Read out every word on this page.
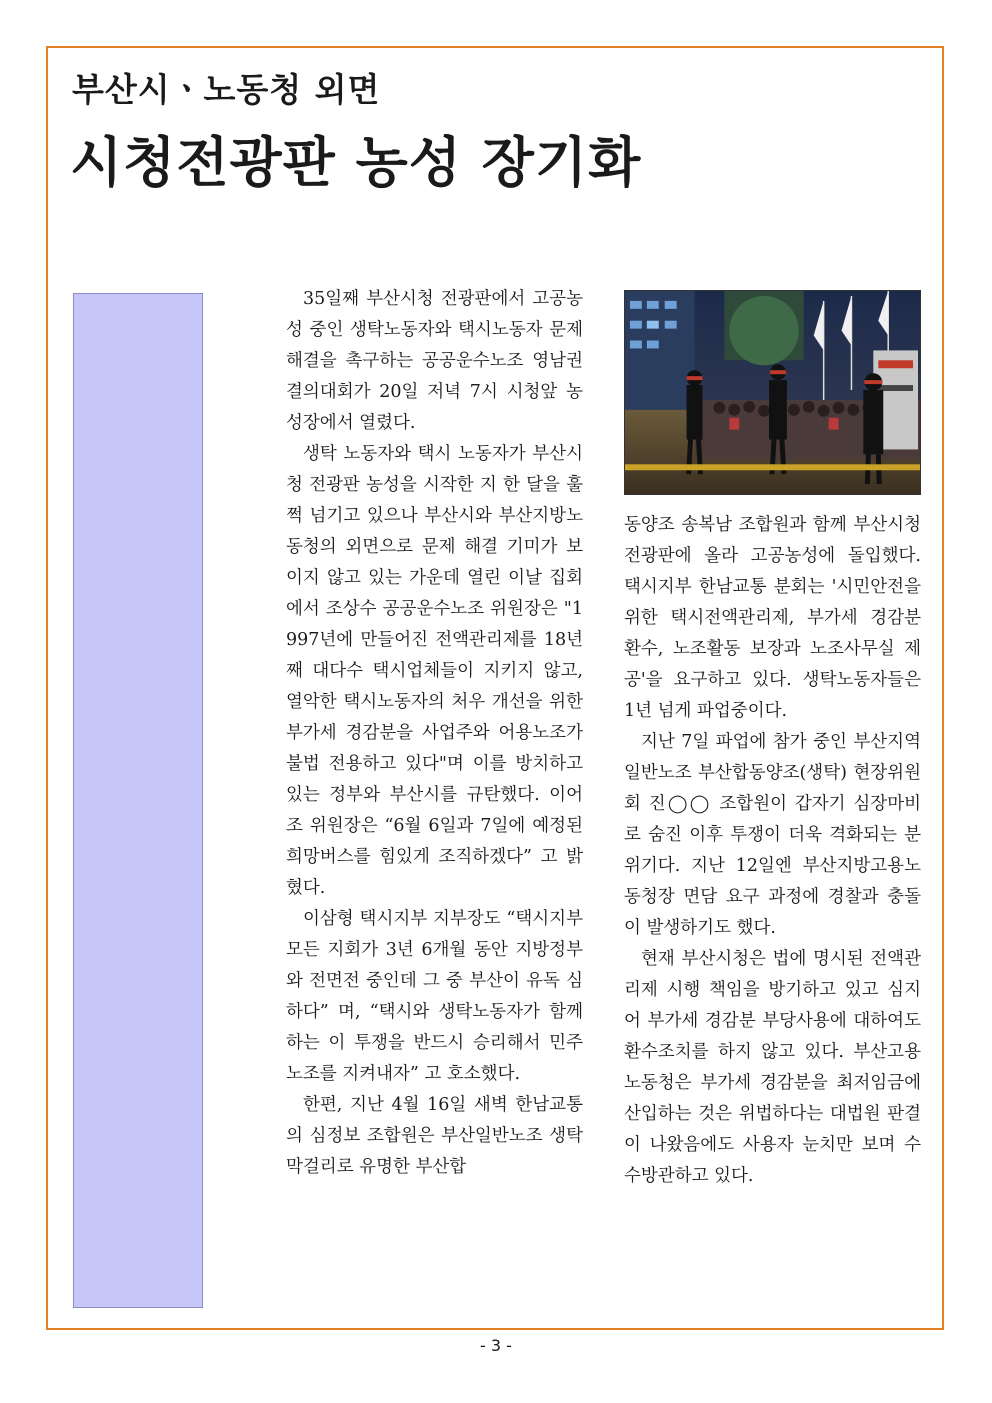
부산시ㆍ노동청 외면
시청전광판 농성 장기화

35일째 부산시청 전광판에서 고공농성 중인 생탁노동자와 택시노동자 문제 해결을 촉구하는 공공운수노조 영남권 결의대회가 20일 저녁 7시 시청앞 농성장에서 열렸다.

생탁 노동자와 택시 노동자가 부산시청 전광판 농성을 시작한 지 한 달을 훌쩍 넘기고 있으나 부산시와 부산지방노동청의 외면으로 문제 해결 기미가 보이지 않고 있는 가운데 열린 이날 집회에서 조상수 공공운수노조 위원장은 "1997년에 만들어진 전액관리제를 18년째 대다수 택시업체들이 지키지 않고, 열악한 택시노동자의 처우 개선을 위한 부가세 경감분을 사업주와 어용노조가 불법 전용하고 있다"며 이를 방치하고 있는 정부와 부산시를 규탄했다. 이어 조 위원장은 “6월 6일과 7일에 예정된 희망버스를 힘있게 조직하겠다” 고 밝혔다.

이삼형 택시지부 지부장도 “택시지부 모든 지회가 3년 6개월 동안 지방정부와 전면전 중인데 그 중 부산이 유독 심하다” 며, “택시와 생탁노동자가 함께 하는 이 투쟁을 반드시 승리해서 민주노조를 지켜내자” 고 호소했다.

한편, 지난 4월 16일 새벽 한남교통의 심정보 조합원은 부산일반노조 생탁 막걸리로 유명한 부산합

동양조 송복남 조합원과 함께 부산시청 전광판에 올라 고공농성에 돌입했다. 택시지부 한남교통 분회는 '시민안전을 위한 택시전액관리제, 부가세 경감분 환수, 노조활동 보장과 노조사무실 제공'을 요구하고 있다. 생탁노동자들은 1년 넘게 파업중이다.

지난 7일 파업에 참가 중인 부산지역일반노조 부산합동양조(생탁) 현장위원회 진◯◯ 조합원이 갑자기 심장마비로 숨진 이후 투쟁이 더욱 격화되는 분위기다. 지난 12일엔 부산지방고용노동청장 면담 요구 과정에 경찰과 충돌이 발생하기도 했다.

현재 부산시청은 법에 명시된 전액관리제 시행 책임을 방기하고 있고 심지어 부가세 경감분 부당사용에 대하여도 환수조치를 하지 않고 있다. 부산고용노동청은 부가세 경감분을 최저임금에 산입하는 것은 위법하다는 대법원 판결이 나왔음에도 사용자 눈치만 보며 수수방관하고 있다.

- 3 -
